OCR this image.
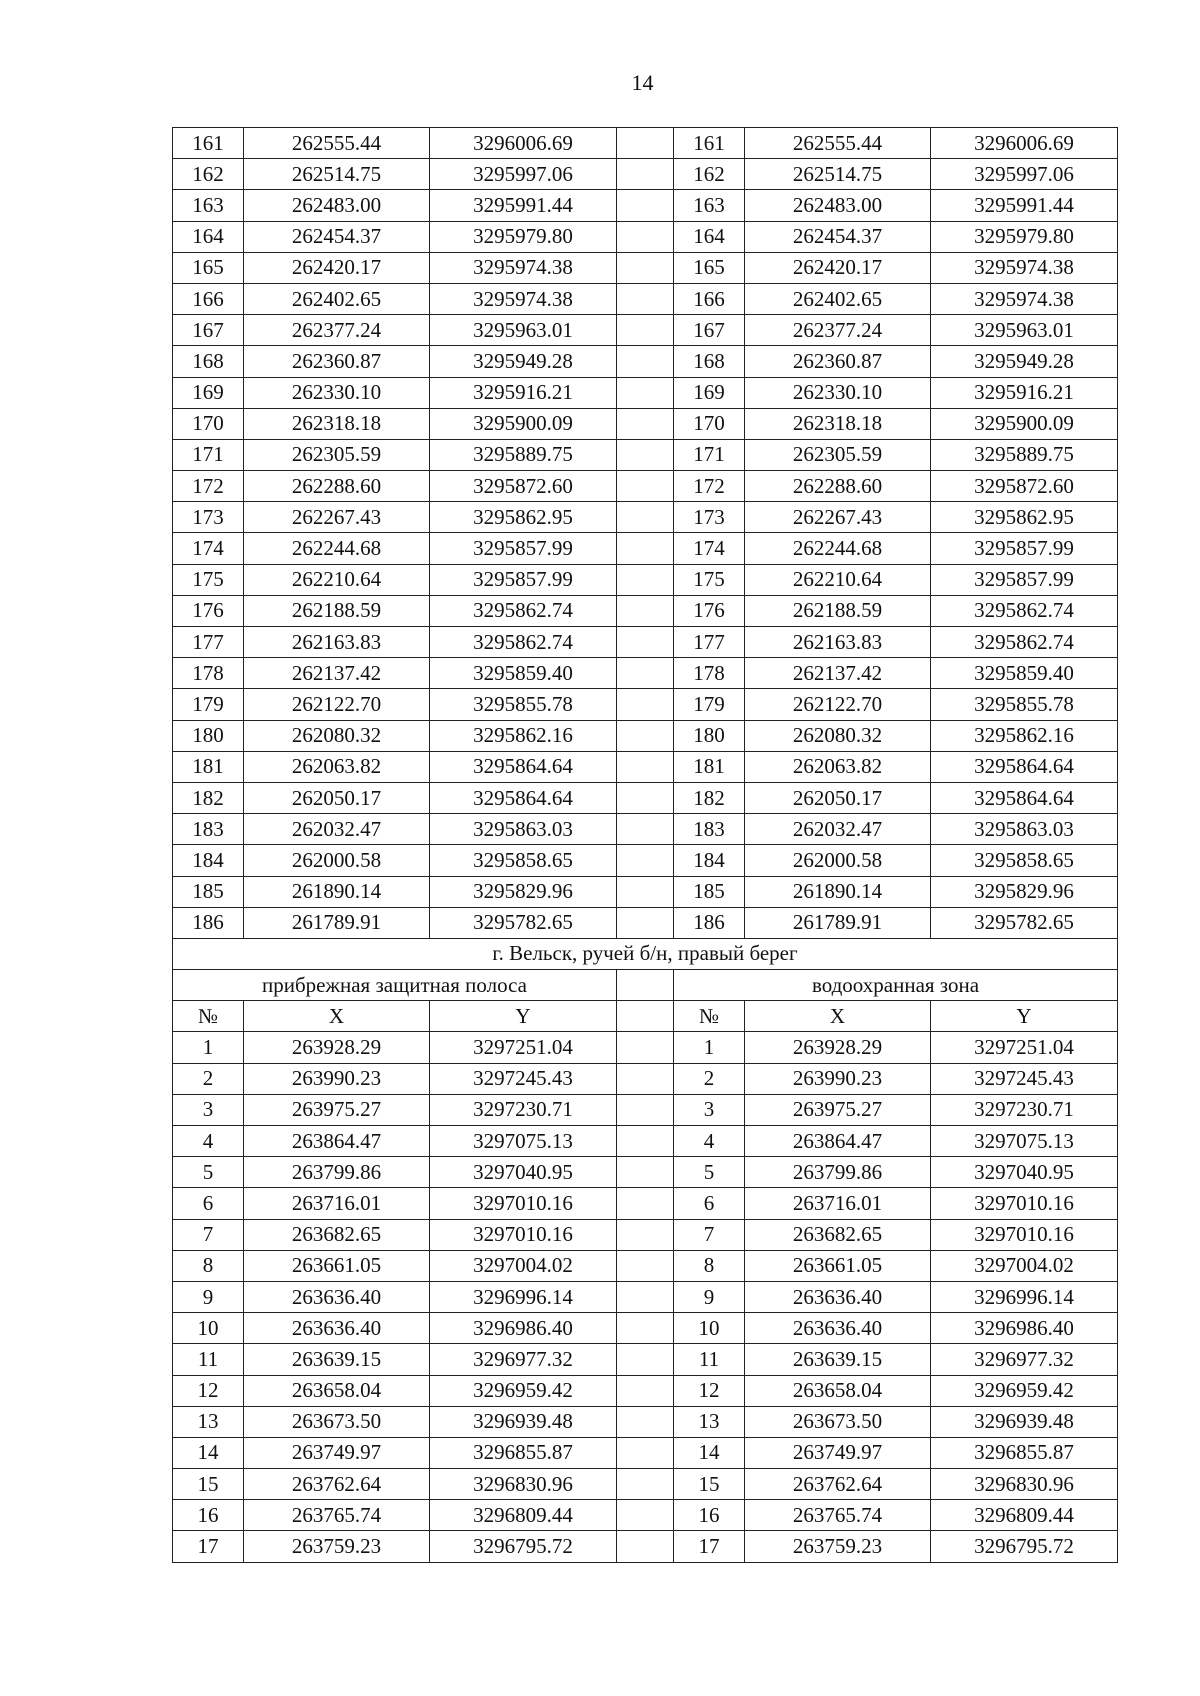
14
161	262555.44	3296006.69		161	262555.44	3296006.69
162	262514.75	3295997.06		162	262514.75	3295997.06
163	262483.00	3295991.44		163	262483.00	3295991.44
164	262454.37	3295979.80		164	262454.37	3295979.80
165	262420.17	3295974.38		165	262420.17	3295974.38
166	262402.65	3295974.38		166	262402.65	3295974.38
167	262377.24	3295963.01		167	262377.24	3295963.01
168	262360.87	3295949.28		168	262360.87	3295949.28
169	262330.10	3295916.21		169	262330.10	3295916.21
170	262318.18	3295900.09		170	262318.18	3295900.09
171	262305.59	3295889.75		171	262305.59	3295889.75
172	262288.60	3295872.60		172	262288.60	3295872.60
173	262267.43	3295862.95		173	262267.43	3295862.95
174	262244.68	3295857.99		174	262244.68	3295857.99
175	262210.64	3295857.99		175	262210.64	3295857.99
176	262188.59	3295862.74		176	262188.59	3295862.74
177	262163.83	3295862.74		177	262163.83	3295862.74
178	262137.42	3295859.40		178	262137.42	3295859.40
179	262122.70	3295855.78		179	262122.70	3295855.78
180	262080.32	3295862.16		180	262080.32	3295862.16
181	262063.82	3295864.64		181	262063.82	3295864.64
182	262050.17	3295864.64		182	262050.17	3295864.64
183	262032.47	3295863.03		183	262032.47	3295863.03
184	262000.58	3295858.65		184	262000.58	3295858.65
185	261890.14	3295829.96		185	261890.14	3295829.96
186	261789.91	3295782.65		186	261789.91	3295782.65
г. Вельск, ручей б/н, правый берег						
прибрежная защитная полоса				водоохранная зона		
№	X	Y		№	X	Y
1	263928.29	3297251.04		1	263928.29	3297251.04
2	263990.23	3297245.43		2	263990.23	3297245.43
3	263975.27	3297230.71		3	263975.27	3297230.71
4	263864.47	3297075.13		4	263864.47	3297075.13
5	263799.86	3297040.95		5	263799.86	3297040.95
6	263716.01	3297010.16		6	263716.01	3297010.16
7	263682.65	3297010.16		7	263682.65	3297010.16
8	263661.05	3297004.02		8	263661.05	3297004.02
9	263636.40	3296996.14		9	263636.40	3296996.14
10	263636.40	3296986.40		10	263636.40	3296986.40
11	263639.15	3296977.32		11	263639.15	3296977.32
12	263658.04	3296959.42		12	263658.04	3296959.42
13	263673.50	3296939.48		13	263673.50	3296939.48
14	263749.97	3296855.87		14	263749.97	3296855.87
15	263762.64	3296830.96		15	263762.64	3296830.96
16	263765.74	3296809.44		16	263765.74	3296809.44
17	263759.23	3296795.72		17	263759.23	3296795.72
